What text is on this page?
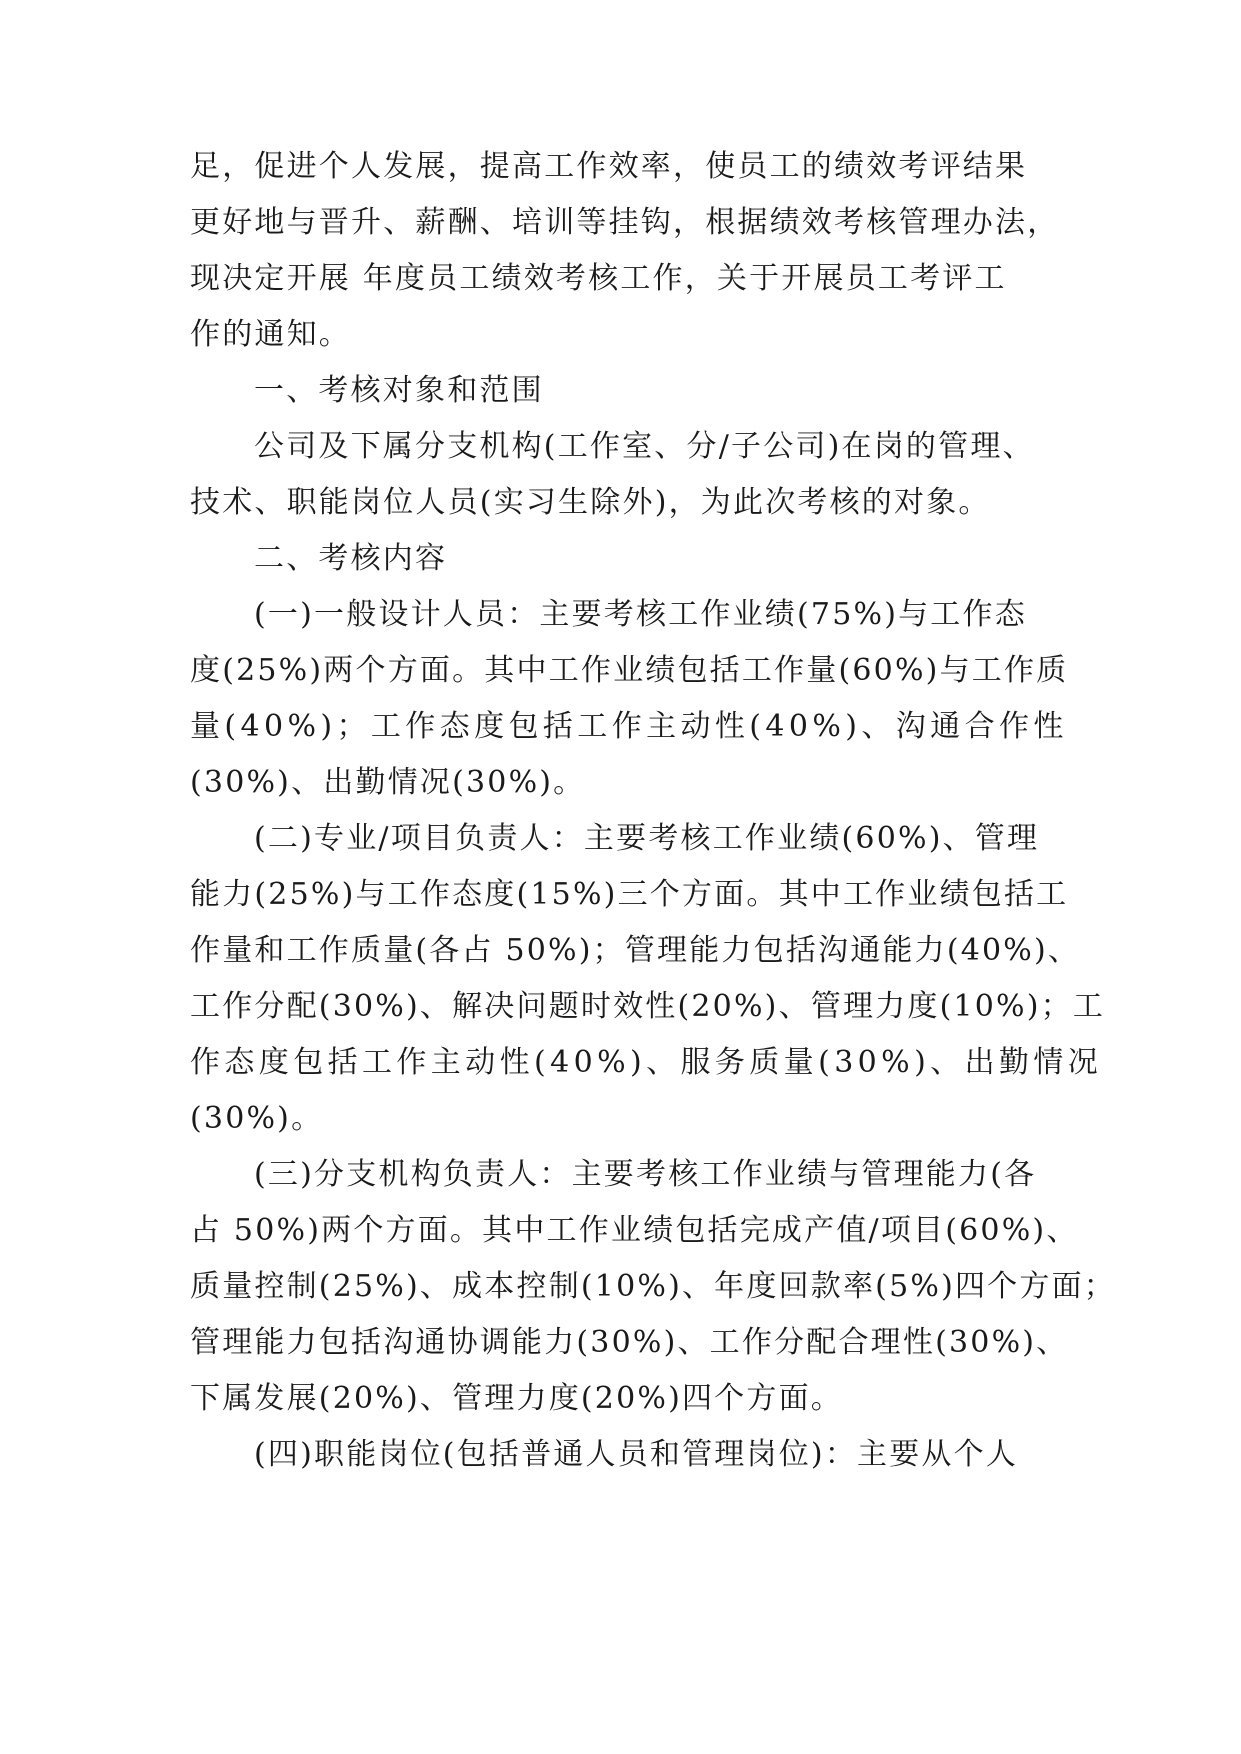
足，促进个人发展，提高工作效率，使员工的绩效考评结果
更好地与晋升、薪酬、培训等挂钩，根据绩效考核管理办法，
现决定开展 年度员工绩效考核工作，关于开展员工考评工
作的通知。
一、考核对象和范围
公司及下属分支机构(工作室、分/子公司)在岗的管理、
技术、职能岗位人员(实习生除外)，为此次考核的对象。
二、考核内容
(一)一般设计人员：主要考核工作业绩(75%)与工作态
度(25%)两个方面。其中工作业绩包括工作量(60%)与工作质
量(40%)；工作态度包括工作主动性(40%)、沟通合作性
(30%)、出勤情况(30%)。
(二)专业/项目负责人：主要考核工作业绩(60%)、管理
能力(25%)与工作态度(15%)三个方面。其中工作业绩包括工
作量和工作质量(各占 50%)；管理能力包括沟通能力(40%)、
工作分配(30%)、解决问题时效性(20%)、管理力度(10%)；工
作态度包括工作主动性(40%)、服务质量(30%)、出勤情况
(30%)。
(三)分支机构负责人：主要考核工作业绩与管理能力(各
占 50%)两个方面。其中工作业绩包括完成产值/项目(60%)、
质量控制(25%)、成本控制(10%)、年度回款率(5%)四个方面；
管理能力包括沟通协调能力(30%)、工作分配合理性(30%)、
下属发展(20%)、管理力度(20%)四个方面。
(四)职能岗位(包括普通人员和管理岗位)：主要从个人
